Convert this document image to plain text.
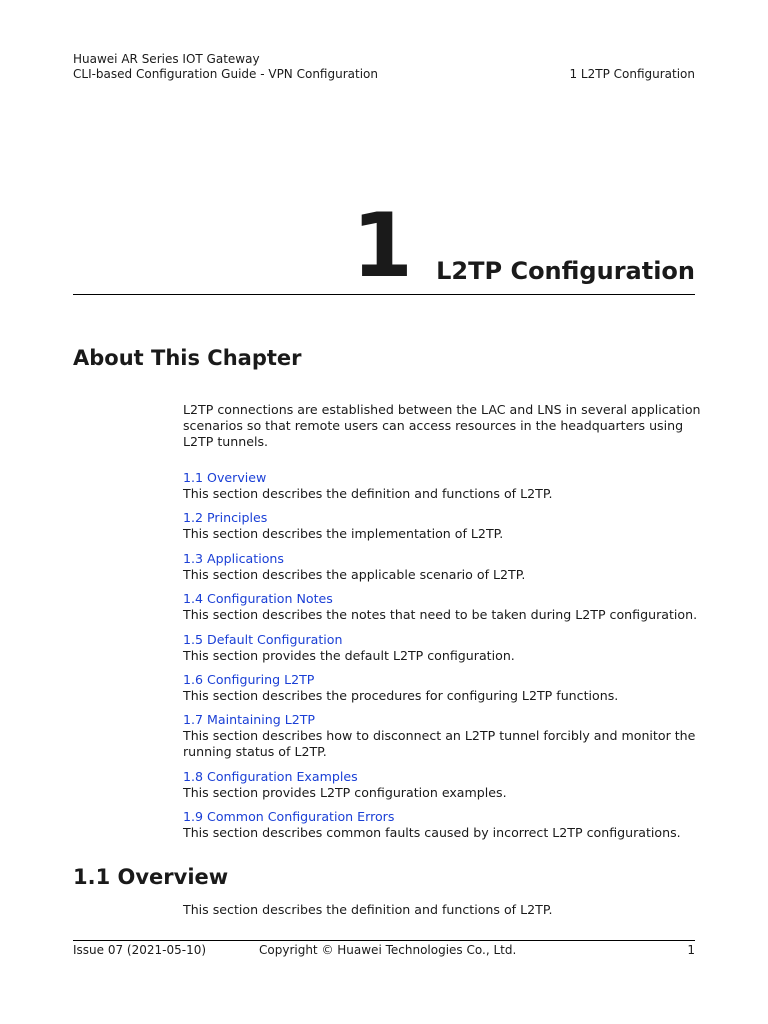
Huawei AR Series IOT Gateway
CLI-based Configuration Guide - VPN Configuration	1 L2TP Configuration
1 L2TP Configuration
About This Chapter
L2TP connections are established between the LAC and LNS in several application scenarios so that remote users can access resources in the headquarters using L2TP tunnels.
1.1 Overview
This section describes the definition and functions of L2TP.
1.2 Principles
This section describes the implementation of L2TP.
1.3 Applications
This section describes the applicable scenario of L2TP.
1.4 Configuration Notes
This section describes the notes that need to be taken during L2TP configuration.
1.5 Default Configuration
This section provides the default L2TP configuration.
1.6 Configuring L2TP
This section describes the procedures for configuring L2TP functions.
1.7 Maintaining L2TP
This section describes how to disconnect an L2TP tunnel forcibly and monitor the running status of L2TP.
1.8 Configuration Examples
This section provides L2TP configuration examples.
1.9 Common Configuration Errors
This section describes common faults caused by incorrect L2TP configurations.
1.1 Overview
This section describes the definition and functions of L2TP.
Issue 07 (2021-05-10)	Copyright © Huawei Technologies Co., Ltd.	1
